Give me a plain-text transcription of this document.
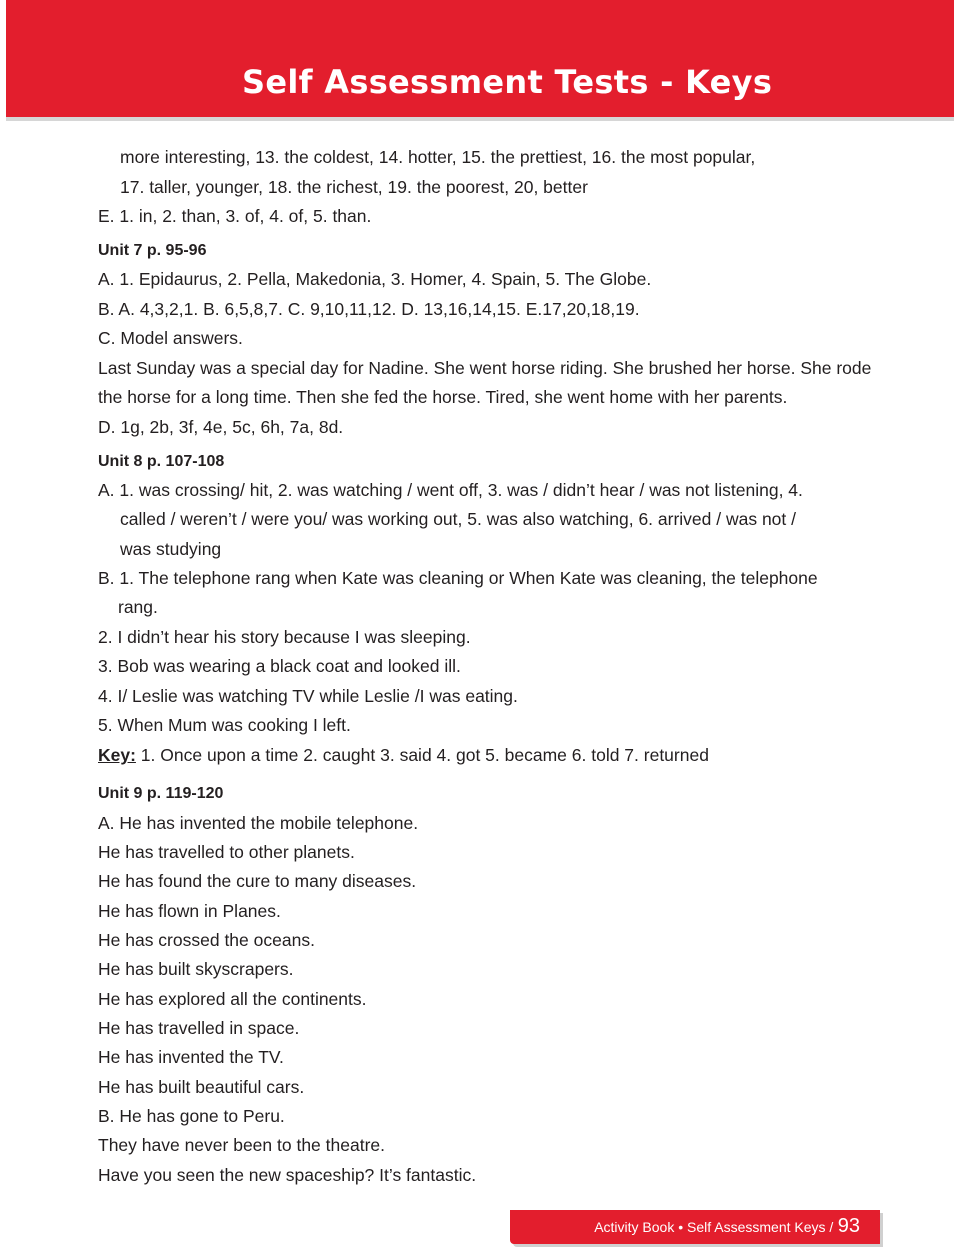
Self Assessment Tests - Keys
more interesting, 13. the coldest, 14. hotter, 15. the prettiest, 16. the most popular,
17. taller, younger, 18. the richest, 19. the poorest, 20, better
E. 1. in, 2. than, 3. of, 4. of, 5. than.
Unit 7 p. 95-96
A. 1. Epidaurus, 2. Pella, Makedonia, 3. Homer, 4. Spain, 5. The Globe.
B. A. 4,3,2,1. B. 6,5,8,7. C. 9,10,11,12. D. 13,16,14,15. E.17,20,18,19.
C. Model answers.
Last Sunday was a special day for Nadine. She went horse riding. She brushed her horse. She rode
the horse for a long time. Then she fed the horse. Tired, she went home with her parents.
D. 1g, 2b, 3f, 4e, 5c, 6h, 7a, 8d.
Unit 8 p. 107-108
A. 1. was crossing/ hit, 2. was watching / went off, 3. was / didn’t hear / was not listening, 4.
called / weren’t / were you/ was working out, 5. was also watching, 6. arrived / was not /
was studying
B. 1. The telephone rang when Kate was cleaning or When Kate was cleaning, the telephone
rang.
2. I didn’t hear his story because I was sleeping.
3. Bob was wearing a black coat and looked ill.
4. I/ Leslie was watching TV while Leslie /I was eating.
5. When Mum was cooking I left.
Key: 1. Once upon a time 2. caught 3. said 4. got 5. became 6. told 7. returned
Unit 9 p. 119-120
A. He has invented the mobile telephone.
He has travelled to other planets.
He has found the cure to many diseases.
He has flown in Planes.
He has crossed the oceans.
He has built skyscrapers.
He has explored all the continents.
He has travelled in space.
He has invented the TV.
He has built beautiful cars.
B. He has gone to Peru.
They have never been to the theatre.
Have you seen the new spaceship? It’s fantastic.
Activity Book • Self Assessment Keys / 93
